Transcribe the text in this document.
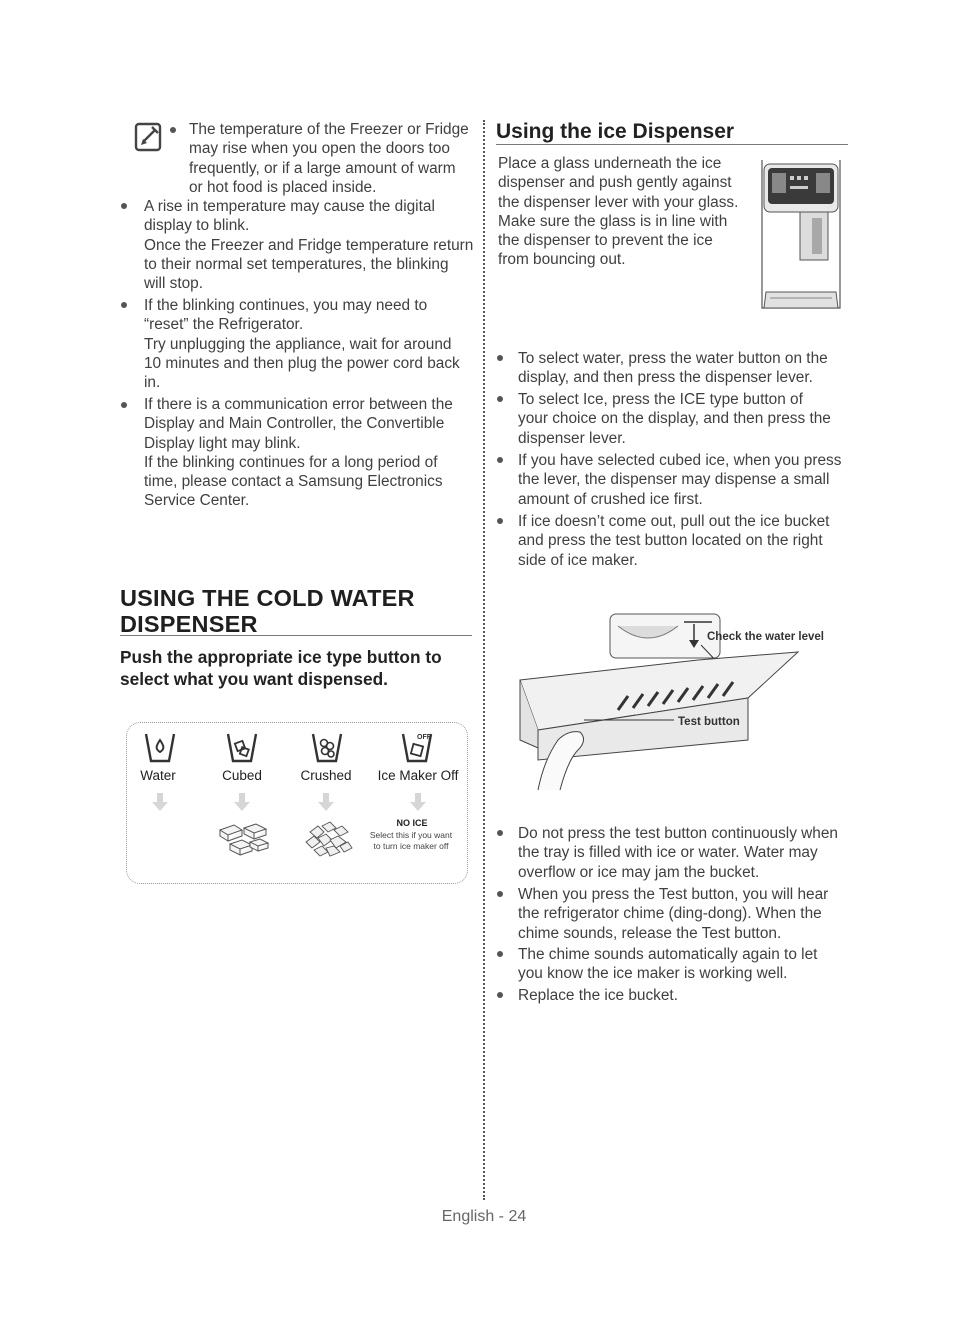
The temperature of the Freezer or Fridge
may rise when you open the doors too
frequently, or if a large amount of warm
or hot food is placed inside.
A rise in temperature may cause the digital
display to blink.
Once the Freezer and Fridge temperature return
to their normal set temperatures, the blinking
will stop.
If the blinking continues, you may need to
“reset” the Refrigerator.
Try unplugging the appliance, wait for around
10 minutes and then plug the power cord back
in.
If there is a communication error between the
Display and Main Controller, the Convertible
Display light may blink.
If the blinking continues for a long period of
time, please contact a Samsung Electronics
Service Center.
USING THE COLD WATER
DISPENSER
Push the appropriate ice type button to
select what you want dispensed.
OFF
Water	Cubed	Crushed	Ice Maker Off
NO ICE
Select this if you want
to turn ice maker off
Using the ice Dispenser
Place a glass underneath the ice
dispenser and push gently against
the dispenser lever with your glass.
Make sure the glass is in line with
the dispenser to prevent the ice
from bouncing out.
To select water, press the water button on the
display, and then press the dispenser lever.
To select Ice, press the ICE type button of
your choice on the display, and then press the
dispenser lever.
If you have selected cubed ice, when you press
the lever, the dispenser may dispense a small
amount of crushed ice first.
If ice doesn’t come out, pull out the ice bucket
and press the test button located on the right
side of ice maker.
Check the water level
Test button
Do not press the test button continuously when
the tray is filled with ice or water. Water may
overflow or ice may jam the bucket.
When you press the Test button, you will hear
the refrigerator chime (ding-dong). When the
chime sounds, release the Test button.
The chime sounds automatically again to let
you know the ice maker is working well.
Replace the ice bucket.
English - 24
